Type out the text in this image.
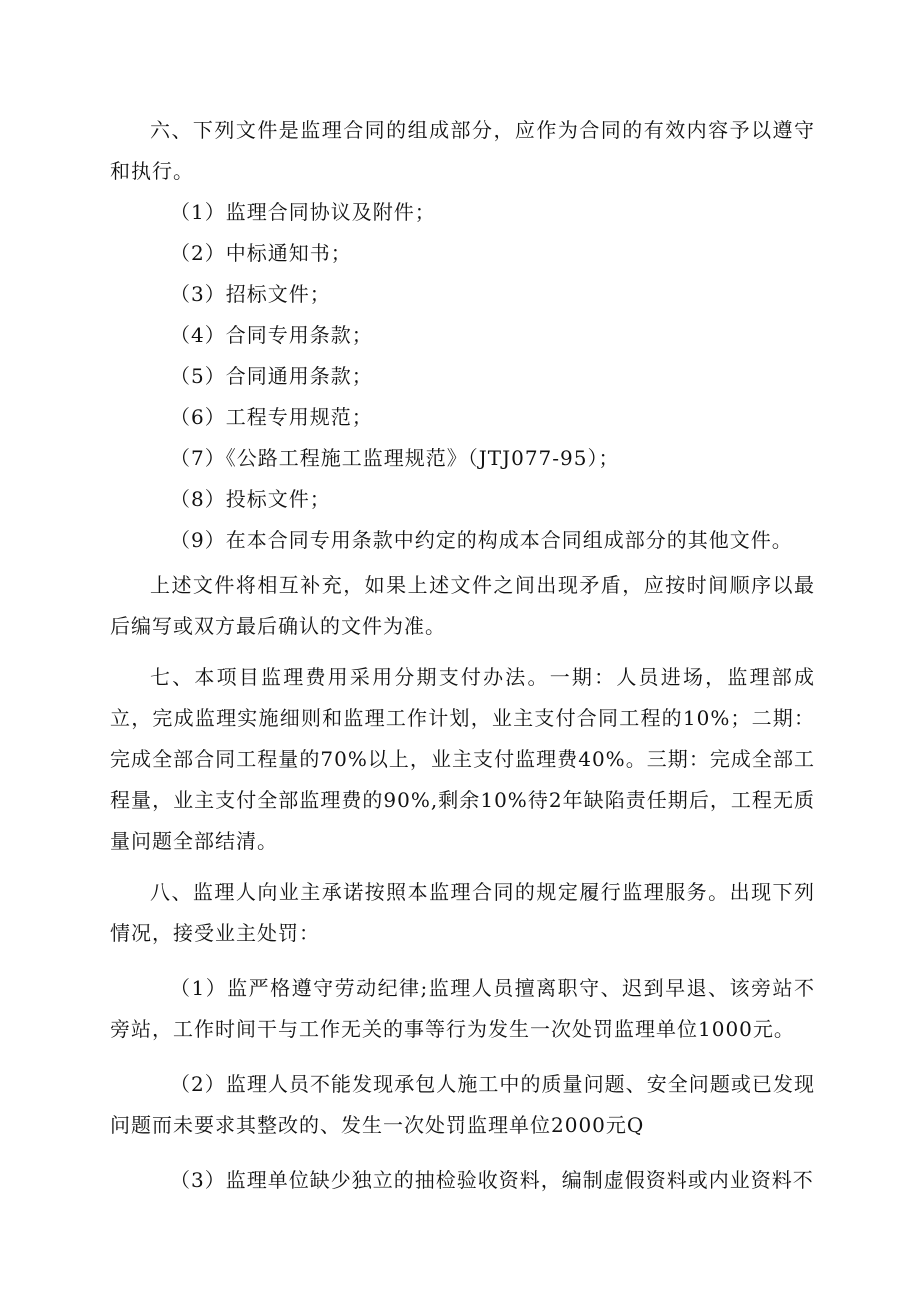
六、下列文件是监理合同的组成部分，应作为合同的有效内容予以遵守和执行。

（1）监理合同协议及附件；

（2）中标通知书；

（3）招标文件；

（4）合同专用条款；

（5）合同通用条款；

（6）工程专用规范；

（7）《公路工程施工监理规范》（JTJ077-95）；

（8）投标文件；

（9）在本合同专用条款中约定的构成本合同组成部分的其他文件。

上述文件将相互补充，如果上述文件之间出现矛盾，应按时间顺序以最后编写或双方最后确认的文件为准。

七、本项目监理费用采用分期支付办法。一期：人员进场，监理部成立，完成监理实施细则和监理工作计划，业主支付合同工程的10%；二期：完成全部合同工程量的70%以上，业主支付监理费40%。三期：完成全部工程量，业主支付全部监理费的90%,剩余10%待2年缺陷责任期后，工程无质量问题全部结清。

八、监理人向业主承诺按照本监理合同的规定履行监理服务。出现下列情况，接受业主处罚：

（1）监严格遵守劳动纪律;监理人员擅离职守、迟到早退、该旁站不旁站，工作时间干与工作无关的事等行为发生一次处罚监理单位1000元。

（2）监理人员不能发现承包人施工中的质量问题、安全问题或已发现问题而未要求其整改的、发生一次处罚监理单位2000元Q

（3）监理单位缺少独立的抽检验收资料，编制虚假资料或内业资料不
